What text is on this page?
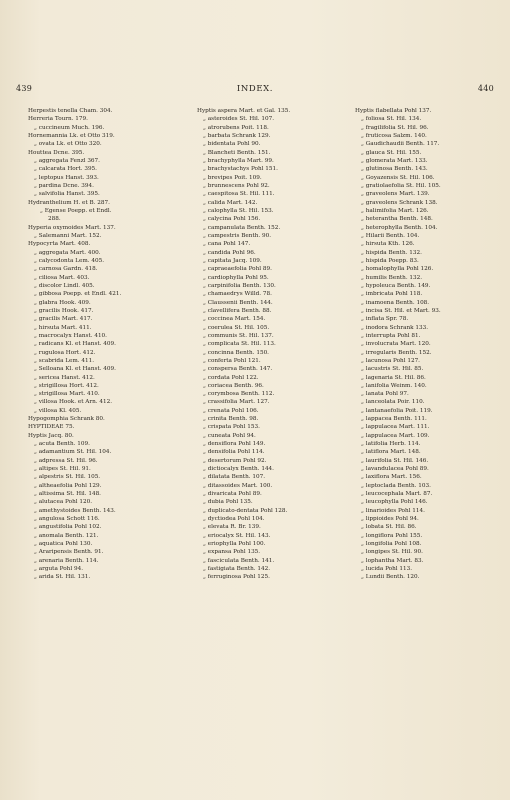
439	INDEX.	440
Herpestis tenella Cham. 304.
Herreria Tourn. 179.
„ cuccineum Much. 196.
Hornemannia Lk. et Otto 319.
„ ovata Lk. et Otto 320.
Houttea Dcne. 395.
„ aggregata Fenzl 367.
„ calcarata Hort. 395.
„ leptopus Hanst. 393.
„ pardina Dcne. 394.
„ salvifolia Hanst. 395.
Hydranthelium H. et B. 287.
„ Egense Poepp. et Endl.
288.
Hyperia oxymoides Mart. 137.
„ Salemanni Mart. 152.
Hypocyrta Mart. 408.
„ aggregata Mart. 400.
„ calycodonta Lem. 405.
„ carnosa Gardn. 418.
„ ciliosa Mart. 403.
„ discolor Lindl. 405.
„ gibbosa Poepp. et Endl. 421.
„ glabra Hook. 409.
„ gracilis Hook. 417.
„ gracilis Mart. 417.
„ hirsuta Mart. 411.
„ macrocalyx Hanst. 410.
„ radicans Kl. et Hanst. 409.
„ rugulosa Hort. 412.
„ scabrida Lem. 411.
„ Selloana Kl. et Hanst. 409.
„ sericea Hanst. 412.
„ strigillosa Hort. 412.
„ strigillosa Mart. 410.
„ villosa Hook. et Arn. 412.
„ villosa Kl. 405.
Hypogomphia Schrank 80.
HYPTIDEAE 75.
Hyptis Jacq. 80.
„ acuta Benth. 109.
„ adamantium St. Hil. 104.
„ adpressa St. Hil. 96.
„ altipes St. Hil. 91.
„ alpestris St. Hil. 105.
„ altheaefolia Pohl 129.
„ altissima St. Hil. 148.
„ alutacea Pohl 120.
„ amethystoides Benth. 143.
„ angulosa Schott 116.
„ angustifolia Pohl 102.
„ anomala Benth. 121.
„ aquatica Pohl 130.
„ Araripensis Benth. 91.
„ arenaria Benth. 114.
„ arguta Pohl 94.
„ arida St. Hil. 131.
Hyptis aspera Mart. et Gal. 135.
„ asteroides St. Hil. 107.
„ atrorubens Poit. 118.
„ barbata Schrank 129.
„ bidentata Pohl 90.
„ Blancheti Benth. 151.
„ brachyphylla Mart. 99.
„ brachystachys Pohl 151.
„ brevipes Poit. 109.
„ brunnescens Pohl 92.
„ caespitosa St. Hil. 111.
„ calida Mart. 142.
„ calophylla St. Hil. 153.
„ calycina Pohl 156.
„ campanulata Benth. 152.
„ campestris Benth. 90.
„ cana Pohl 147.
„ candida Pohl 96.
„ capitata Jacq. 109.
„ capraeaefolia Pohl 89.
„ cardiophylla Pohl 95.
„ carpinifolia Benth. 130.
„ chamaedrys Willd. 78.
„ Claussenii Benth. 144.
„ clavellifera Benth. 88.
„ coccinea Mart. 154.
„ coerulea St. Hil. 105.
„ communis St. Hil. 137.
„ complicata St. Hil. 113.
„ concinna Benth. 150.
„ conferta Pohl 121.
„ conspersa Benth. 147.
„ cordata Pohl 122.
„ coriacea Benth. 96.
„ corymbosa Benth. 112.
„ crassifolia Mart. 127.
„ crenata Pohl 106.
„ crinita Benth. 98.
„ crispata Pohl 153.
„ cuneata Pohl 94.
„ densiflora Pohl 149.
„ densifolia Pohl 114.
„ desertorum Pohl 92.
„ dictiocalyx Benth. 144.
„ dilatata Benth. 107.
„ ditassoides Mart. 100.
„ divaricata Pohl 89.
„ dubia Pohl 135.
„ duplicato-dentata Pohl 128.
„ dyctiodea Pohl 104.
„ elevata R. Br. 139.
„ eriocalyx St. Hil. 143.
„ eriophylla Pohl 100.
„ expansa Pohl 135.
„ fasciculata Benth. 141.
„ fastigiata Benth. 142.
„ ferruginosa Pohl 125.
Hyptis flabellata Pohl 137.
„ foliosa St. Hil. 134.
„ fragilifolia St. Hil. 96.
„ fruticosa Salzm. 140.
„ Gaudichaudii Benth. 117.
„ glauca St. Hil. 155.
„ glomerata Mart. 133.
„ glutinosa Benth. 143.
„ Goyazensis St. Hil. 106.
„ gratiolaefolia St. Hil. 105.
„ graveolens Mart. 139.
„ graveolens Schrank 138.
„ halimifolia Mart. 126.
„ heterantha Benth. 148.
„ heterophylla Benth. 104.
„ Hilarii Benth. 104.
„ hirsuta Kth. 126.
„ hispida Benth. 132.
„ hispida Poepp. 83.
„ homalophylla Pohl 126.
„ humilis Benth. 132.
„ hypoleuca Benth. 149.
„ imbricata Pohl 118.
„ inamoena Benth. 108.
„ incisa St. Hil. et Mart. 93.
„ inflata Spr. 78.
„ inodora Schrank 133.
„ interrupta Pohl 81.
„ involucrata Mart. 120.
„ irregularis Benth. 152.
„ lacunosa Pohl 127.
„ lacustris St. Hil. 85.
„ lagenaria St. Hil. 86.
„ lanifolia Weinm. 140.
„ lanata Pohl 97.
„ lanceolata Poir. 110.
„ lantanaefolia Poit. 119.
„ lappacea Benth. 111.
„ lappulacea Mart. 111.
„ lappulacea Mart. 109.
„ latifolia Herb. 114.
„ latiflora Mart. 148.
„ laurifolia St. Hil. 146.
„ lavandulacea Pohl 89.
„ laxiflora Mart. 156.
„ leptocladа Benth. 103.
„ leucocephala Mart. 87.
„ leucophylla Pohl 146.
„ linarioides Pohl 114.
„ lippioides Pohl 94.
„ lobata St. Hil. 86.
„ longiflora Pohl 155.
„ longifolia Pohl 108.
„ longipes St. Hil. 90.
„ lophantha Mart. 83.
„ lucida Pohl 113.
„ Lundii Benth. 120.
